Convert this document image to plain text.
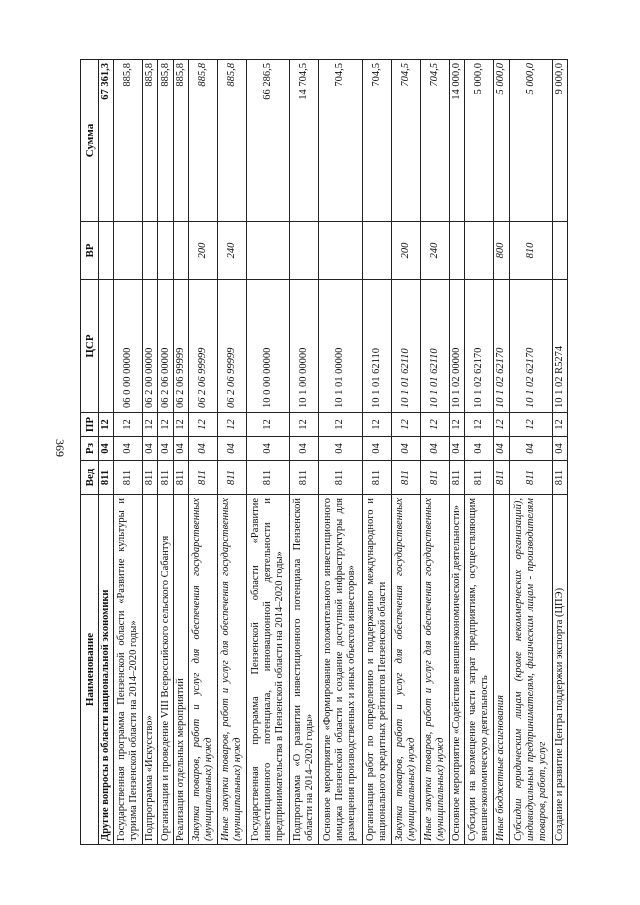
369
Наименование	Вед	Рз	ПР	ЦСР	ВР	Сумма
Другие вопросы в области национальной экономики	811	04	12			67 361,3
Государственная программа Пензенской области «Развитие культуры и туризма Пензенской области на 2014–2020 годы»	811	04	12	06 0 00 00000		885,8
Подпрограмма «Искусство»	811	04	12	06 2 00 00000		885,8
Организация и проведение VIII Всероссийского сельского Сабантуя	811	04	12	06 2 06 00000		885,8
Реализация отдельных мероприятий	811	04	12	06 2 06 99999		885,8
Закупка товаров, работ и услуг для обеспечения государственных (муниципальных) нужд	811	04	12	06 2 06 99999	200	885,8
Иные закупки товаров, работ и услуг для обеспечения государственных (муниципальных) нужд	811	04	12	06 2 06 99999	240	885,8
Государственная программа Пензенской области «Развитие инвестиционного потенциала, инновационной деятельности и предпринимательства в Пензенской области на 2014–2020 годы»	811	04	12	10 0 00 00000		66 286,5
Подпрограмма «О развитии инвестиционного потенциала Пензенской области на 2014–2020 годы»	811	04	12	10 1 00 00000		14 704,5
Основное мероприятие «Формирование положительного инвестиционного имиджа Пензенской области и создание доступной инфраструктуры для размещения производственных и иных объектов инвесторов»	811	04	12	10 1 01 00000		704,5
Организация работ по определению и поддержанию международного и национального кредитных рейтингов Пензенской области	811	04	12	10 1 01 62110		704,5
Закупка товаров, работ и услуг для обеспечения государственных (муниципальных) нужд	811	04	12	10 1 01 62110	200	704,5
Иные закупки товаров, работ и услуг для обеспечения государственных (муниципальных) нужд	811	04	12	10 1 01 62110	240	704,5
Основное мероприятие «Содействие внешнеэкономической деятельности»	811	04	12	10 1 02 00000		14 000,0
Субсидии на возмещение части затрат предприятиям, осуществляющим внешнеэкономическую деятельность	811	04	12	10 1 02 62170		5 000,0
Иные бюджетные ассигнования	811	04	12	10 1 02 62170	800	5 000,0
Субсидии юридическим лицам (кроме некоммерческих организаций), индивидуальным предпринимателям, физическим лицам - производителям товаров, работ, услуг	811	04	12	10 1 02 62170	810	5 000,0
Создание и развитие Центра поддержки экспорта (ЦПЭ)	811	04	12	10 1 02 R5274		9 000,0
